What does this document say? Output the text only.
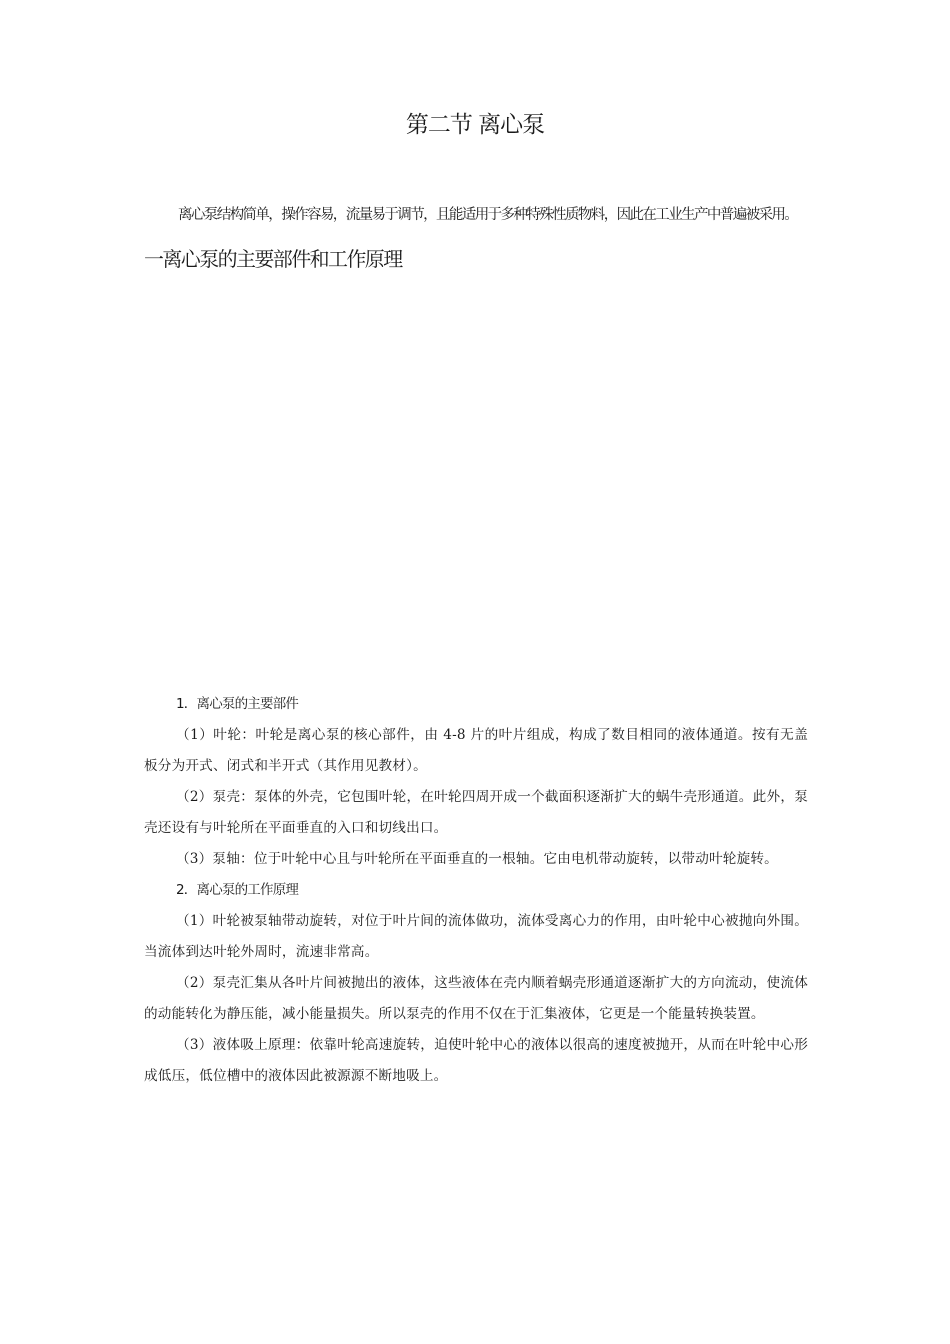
第二节 离心泵
离心泵结构简单，操作容易，流量易于调节，且能适用于多种特殊性质物料，因此在工业生产中普遍被采用。
一离心泵的主要部件和工作原理

1．离心泵的主要部件

（1）叶轮：叶轮是离心泵的核心部件，由 4-8 片的叶片组成，构成了数目相同的液体通道。按有无盖板分为开式、闭式和半开式（其作用见教材）。

（2）泵壳：泵体的外壳，它包围叶轮，在叶轮四周开成一个截面积逐渐扩大的蜗牛壳形通道。此外，泵壳还设有与叶轮所在平面垂直的入口和切线出口。

（3）泵轴：位于叶轮中心且与叶轮所在平面垂直的一根轴。它由电机带动旋转，以带动叶轮旋转。

2．离心泵的工作原理

（1）叶轮被泵轴带动旋转，对位于叶片间的流体做功，流体受离心力的作用，由叶轮中心被抛向外围。当流体到达叶轮外周时，流速非常高。

（2）泵壳汇集从各叶片间被抛出的液体，这些液体在壳内顺着蜗壳形通道逐渐扩大的方向流动，使流体的动能转化为静压能，减小能量损失。所以泵壳的作用不仅在于汇集液体，它更是一个能量转换装置。

（3）液体吸上原理：依靠叶轮高速旋转，迫使叶轮中心的液体以很高的速度被抛开，从而在叶轮中心形成低压，低位槽中的液体因此被源源不断地吸上。
